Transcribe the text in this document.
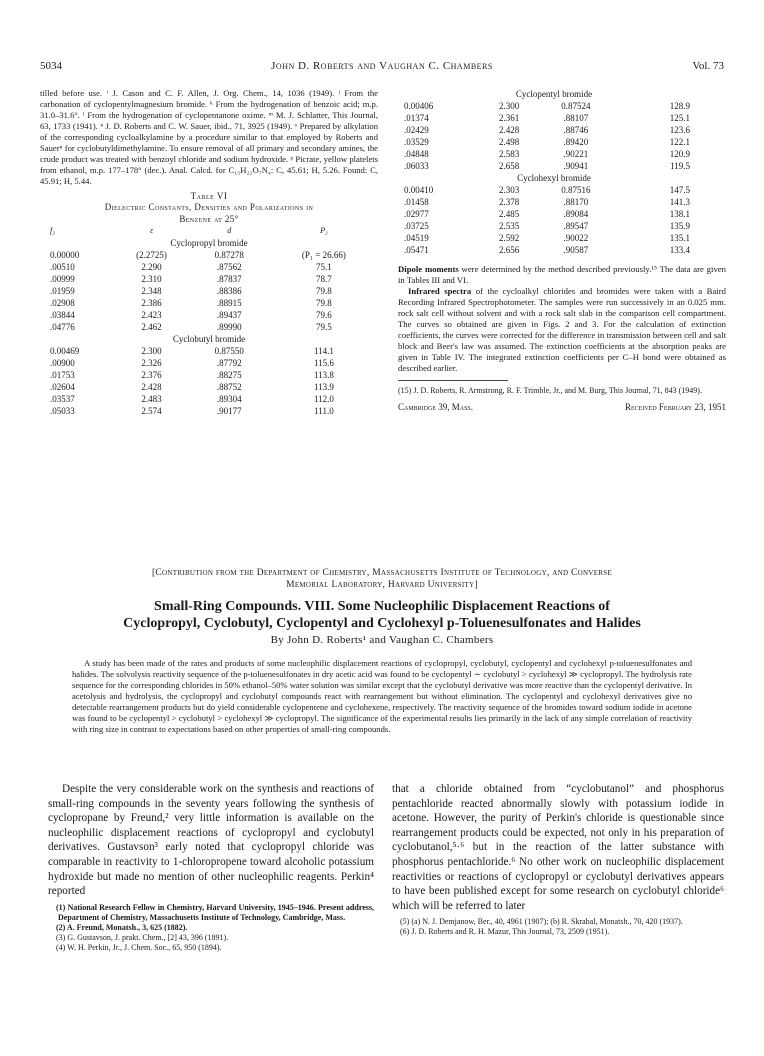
5034	John D. Roberts and Vaughan C. Chambers	Vol. 73

tilled before use. ᶦ J. Cason and C. F. Allen, J. Org. Chem., 14, 1036 (1949). ʲ From the carbonation of cyclopentylmagnesium bromide. ᵏ From the hydrogenation of benzoic acid; m.p. 31.0–31.6°. ˡ From the hydrogenation of cyclopentanone oxime. ᵐ M. J. Schlatter, This Journal, 63, 1733 (1941). ⁿ J. D. Roberts and C. W. Sauer, ibid., 71, 3925 (1949). ᵒ Prepared by alkylation of the corresponding cycloalkylamine by a procedure similar to that employed by Roberts and Sauerⁿ for cyclobutyldimethylamine. To ensure removal of all primary and secondary amines, the crude product was treated with benzoyl chloride and sodium hydroxide. ᵖ Picrate, yellow platelets from ethanol, m.p. 177–178° (dec.). Anal. Calcd. for C₁₅H₂₂O₇N₄: C, 45.61; H, 5.26. Found: C, 45.91; H, 5.44.

Table VI
Dielectric Constants, Densities and Polarizations in
Benzene at 25°
f₂	ε	d	P₂
Cyclopropyl bromide			
0.00000	(2.2725)	0.87278	(P₁ = 26.66)
.00510	2.290	.87562	75.1
.00999	2.310	.87837	78.7
.01959	2.348	.88386	79.8
.02908	2.386	.88915	79.8
.03844	2.423	.89437	79.6
.04776	2.462	.89990	79.5
Cyclobutyl bromide			
0.00469	2.300	0.87550	114.1
.00900	2.326	.87792	115.6
.01753	2.376	.88275	113.8
.02604	2.428	.88752	113.9
.03537	2.483	.89304	112.0
.05033	2.574	.90177	111.0
Cyclopentyl bromide			
0.00406	2.300	0.87524	128.9
.01374	2.361	.88107	125.1
.02429	2.428	.88746	123.6
.03529	2.498	.89420	122.1
.04848	2.583	.90221	120.9
.06033	2.658	.90941	119.5
Cyclohexyl bromide			
0.00410	2.303	0.87516	147.5
.01458	2.378	.88170	141.3
.02977	2.485	.89084	138.1
.03725	2.535	.89547	135.9
.04519	2.592	.90022	135.1
.05471	2.656	.90587	133.4

Dipole moments were determined by the method described previously.¹⁵ The data are given in Tables III and VI.

Infrared spectra of the cycloalkyl chlorides and bromides were taken with a Baird Recording Infrared Spectrophotometer. The samples were run successively in an 0.025 mm. rock salt cell without solvent and with a rock salt slab in the comparison cell compartment. The curves so obtained are given in Figs. 2 and 3. For the calculation of extinction coefficients, the curves were corrected for the difference in transmission between cell and salt block and Beer's law was assumed. The extinction coefficients at the absorption peaks are given in Table IV. The integrated extinction coefficients per C–H bond were obtained as described earlier.

(15) J. D. Roberts, R. Armstrong, R. F. Trimble, Jr., and M. Burg, This Journal, 71, 843 (1949).
Cambridge 39, Mass.	Received February 23, 1951
[Contribution from the Department of Chemistry, Massachusetts Institute of Technology, and Converse
Memorial Laboratory, Harvard University]
Small-Ring Compounds. VIII. Some Nucleophilic Displacement Reactions of
Cyclopropyl, Cyclobutyl, Cyclopentyl and Cyclohexyl p-Toluenesulfonates and Halides
By John D. Roberts¹ and Vaughan C. Chambers

A study has been made of the rates and products of some nucleophilic displacement reactions of cyclopropyl, cyclobutyl, cyclopentyl and cyclohexyl p-toluenesulfonates and halides. The solvolysis reactivity sequence of the p-toluenesulfonates in dry acetic acid was found to be cyclopentyl ∼ cyclobutyl > cyclohexyl ≫ cyclopropyl. The hydrolysis rate sequence for the corresponding chlorides in 50% ethanol–50% water solution was similar except that the cyclobutyl derivative was more reactive than the cyclopentyl derivative. In acetolysis and hydrolysis, the cyclopropyl and cyclobutyl compounds react with rearrangement but without elimination. The cyclopentyl and cyclohexyl derivatives give no detectable rearrangement products but do yield considerable cyclopentene and cyclohexene, respectively. The reactivity sequence of the bromides toward sodium iodide in acetone was found to be cyclopentyl > cyclobutyl > cyclohexyl ≫ cyclopropyl. The significance of the experimental results lies primarily in the lack of any simple correlation of reactivity with ring size in contrast to expectations based on other properties of small-ring compounds.

Despite the very considerable work on the synthesis and reactions of small-ring compounds in the seventy years following the synthesis of cyclopropane by Freund,² very little information is available on the nucleophilic displacement reactions of cyclopropyl and cyclobutyl derivatives. Gustavson³ early noted that cyclopropyl chloride was comparable in reactivity to 1-chloropropene toward alcoholic potassium hydroxide but made no mention of other nucleophilic reagents. Perkin⁴ reported

(1) National Research Fellow in Chemistry, Harvard University, 1945–1946. Present address, Department of Chemistry, Massachusetts Institute of Technology, Cambridge, Mass.

(2) A. Freund, Monatsh., 3, 625 (1882).

(3) G. Gustavson, J. prakt. Chem., [2] 43, 396 (1891).

(4) W. H. Perkin, Jr., J. Chem. Soc., 65, 950 (1894).

that a chloride obtained from “cyclobutanol” and phosphorus pentachloride reacted abnormally slowly with potassium iodide in acetone. However, the purity of Perkin's chloride is questionable since rearrangement products could be expected, not only in his preparation of cyclobutanol,⁵·⁶ but in the reaction of the latter substance with phosphorus pentachloride.⁶ No other work on nucleophilic displacement reactivities or reactions of cyclopropyl or cyclobutyl derivatives appears to have been published except for some research on cyclobutyl chloride⁶ which will be referred to later

(5) (a) N. J. Demjanow, Ber., 40, 4961 (1907); (b) R. Skrabal, Monatsh., 70, 420 (1937).

(6) J. D. Roberts and R. H. Mazur, This Journal, 73, 2509 (1951).
